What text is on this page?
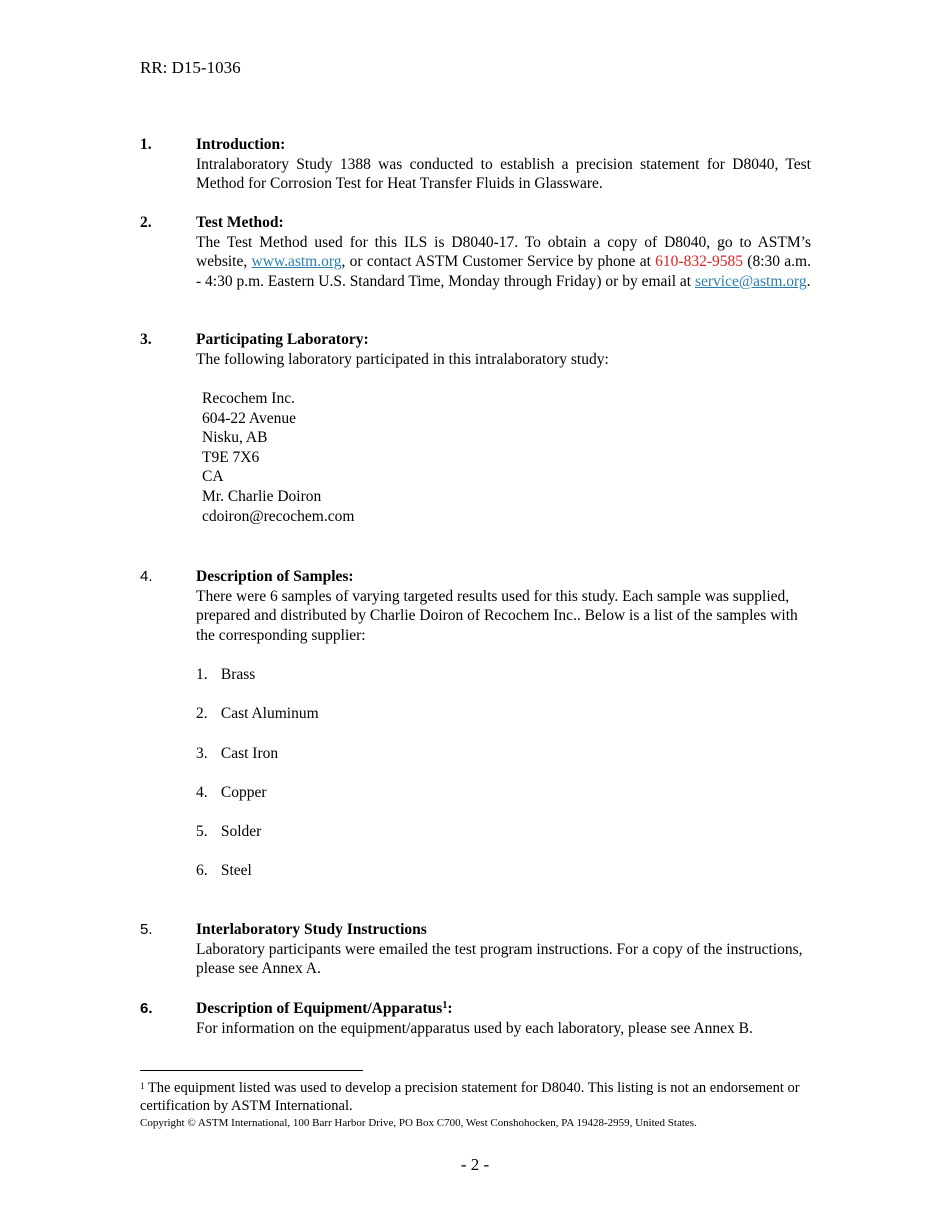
RR: D15-1036
1.	Introduction:

Intralaboratory Study 1388 was conducted to establish a precision statement for D8040, Test Method for Corrosion Test for Heat Transfer Fluids in Glassware.

2.	Test Method:

The Test Method used for this ILS is D8040-17. To obtain a copy of D8040, go to ASTM’s website, www.astm.org, or contact ASTM Customer Service by phone at 610-832-9585 (8:30 a.m. - 4:30 p.m. Eastern U.S. Standard Time, Monday through Friday) or by email at service@astm.org.

3.	Participating Laboratory:

The following laboratory participated in this intralaboratory study:

Recochem Inc.
604-22 Avenue
Nisku, AB
T9E 7X6
CA
Mr. Charlie Doiron
cdoiron@recochem.com
4.	Description of Samples:

There were 6 samples of varying targeted results used for this study. Each sample was supplied, prepared and distributed by Charlie Doiron of Recochem Inc.. Below is a list of the samples with the corresponding supplier:

1. Brass
2. Cast Aluminum
3. Cast Iron
4. Copper
5. Solder
6. Steel
5.	Interlaboratory Study Instructions

Laboratory participants were emailed the test program instructions. For a copy of the instructions, please see Annex A.

6.	Description of Equipment/Apparatus$^1$:

For information on the equipment/apparatus used by each laboratory, please see Annex B.

$^1$ The equipment listed was used to develop a precision statement for D8040. This listing is not an endorsement or certification by ASTM International.
Copyright © ASTM International, 100 Barr Harbor Drive, PO Box C700, West Conshohocken, PA 19428-2959, United States.
- 2 -
